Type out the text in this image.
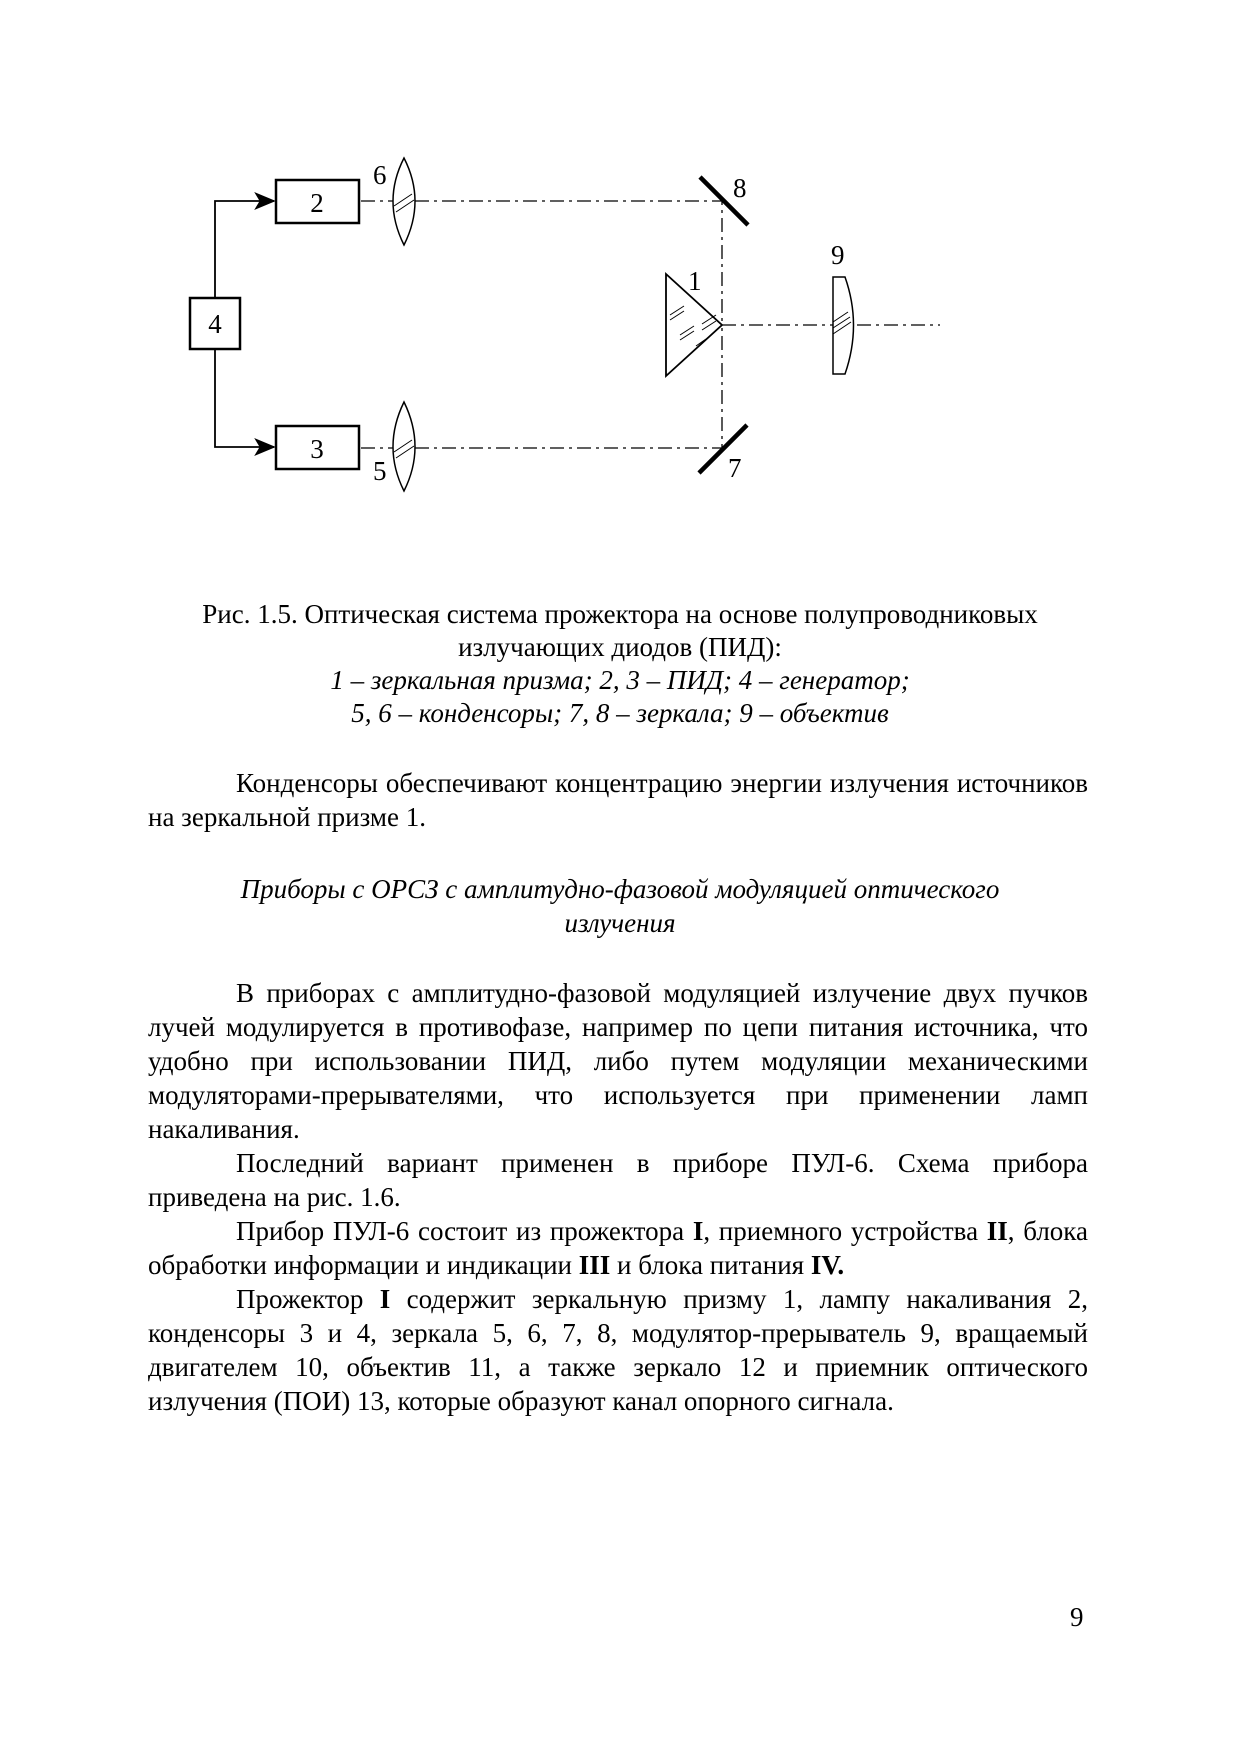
4
2
3
6
5
8
7
1
9
Рис. 1.5. Оптическая система прожектора на основе полупроводниковых
излучающих диодов (ПИД):
1 – зеркальная призма; 2, 3 – ПИД; 4 – генератор;
5, 6 – конденсоры; 7, 8 – зеркала; 9 – объектив
Конденсоры обеспечивают концентрацию энергии излучения источников на зеркальной призме 1.
Приборы с ОРСЗ с амплитудно-фазовой модуляцией оптического
излучения
В приборах с амплитудно-фазовой модуляцией излучение двух пучков лучей модулируется в противофазе, например по цепи питания источника, что удобно при использовании ПИД, либо путем модуляции механическими модуляторами-прерывателями, что используется при применении ламп накаливания.
Последний вариант применен в приборе ПУЛ-6. Схема прибора приведена на рис. 1.6.
Прибор ПУЛ-6 состоит из прожектора I, приемного устройства II, блока обработки информации и индикации III и блока питания IV.
Прожектор I содержит зеркальную призму 1, лампу накаливания 2, конденсоры 3 и 4, зеркала 5, 6, 7, 8, модулятор-прерыватель 9, вращаемый двигателем 10, объектив 11, а также зеркало 12 и приемник оптического излучения (ПОИ) 13, которые образуют канал опорного сигнала.
9
